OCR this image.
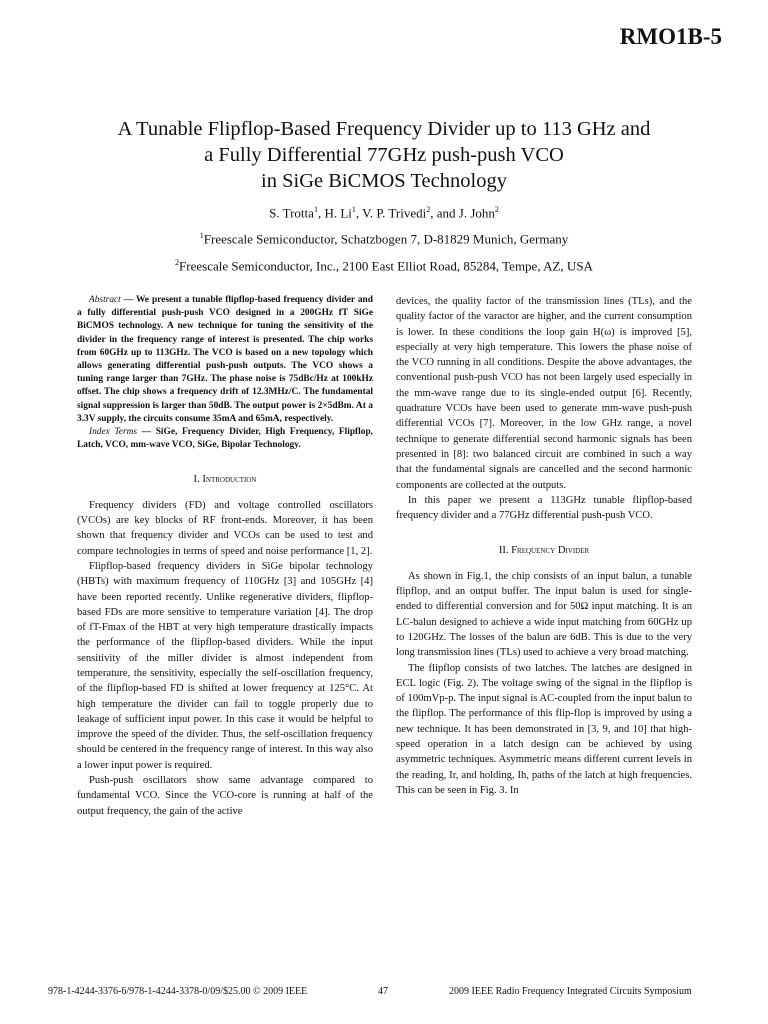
RMO1B-5
A Tunable Flipflop-Based Frequency Divider up to 113 GHz and
a Fully Differential 77GHz push-push VCO
in SiGe BiCMOS Technology
S. Trotta$^1$, H. Li$^1$, V. P. Trivedi$^2$, and J. John$^2$
$^1$Freescale Semiconductor, Schatzbogen 7, D-81829 Munich, Germany
$^2$Freescale Semiconductor, Inc., 2100 East Elliot Road, 85284, Tempe, AZ, USA

Abstract — We present a tunable flipflop-based frequency divider and a fully differential push-push VCO designed in a 200GHz fT SiGe BiCMOS technology. A new technique for tuning the sensitivity of the divider in the frequency range of interest is presented. The chip works from 60GHz up to 113GHz. The VCO is based on a new topology which allows generating differential push-push outputs. The VCO shows a tuning range larger than 7GHz. The phase noise is 75dBc/Hz at 100kHz offset. The chip shows a frequency drift of 12.3MHz/C. The fundamental signal suppression is larger than 50dB. The output power is 2×5dBm. At a 3.3V supply, the circuits consume 35mA and 65mA, respectively.

Index Terms — SiGe, Frequency Divider, High Frequency, Flipflop, Latch, VCO, mm-wave VCO, SiGe, Bipolar Technology.

I. Introduction

Frequency dividers (FD) and voltage controlled oscillators (VCOs) are key blocks of RF front-ends. Moreover, it has been shown that frequency divider and VCOs can be used to test and compare technologies in terms of speed and noise performance [1, 2].

Flipflop-based frequency dividers in SiGe bipolar technology (HBTs) with maximum frequency of 110GHz [3] and 105GHz [4] have been reported recently. Unlike regenerative dividers, flipflop-based FDs are more sensitive to temperature variation [4]. The drop of fT-Fmax of the HBT at very high temperature drastically impacts the performance of the flipflop-based dividers. While the input sensitivity of the miller divider is almost independent from temperature, the sensitivity, especially the self-oscillation frequency, of the flipflop-based FD is shifted at lower frequency at 125°C. At high temperature the divider can fail to toggle properly due to leakage of sufficient input power. In this case it would be helpful to improve the speed of the divider. Thus, the self-oscillation frequency should be centered in the frequency range of interest. In this way also a lower input power is required.

Push-push oscillators show same advantage compared to fundamental VCO. Since the VCO-core is running at half of the output frequency, the gain of the active

devices, the quality factor of the transmission lines (TLs), and the quality factor of the varactor are higher, and the current consumption is lower. In these conditions the loop gain H(ω) is improved [5], especially at very high temperature. This lowers the phase noise of the VCO running in all conditions. Despite the above advantages, the conventional push-push VCO has not been largely used especially in the mm-wave range due to its single-ended output [6]. Recently, quadrature VCOs have been used to generate mm-wave push-push differential VCOs [7]. Moreover, in the low GHz range, a novel technique to generate differential second harmonic signals has been presented in [8]: two balanced circuit are combined in such a way that the fundamental signals are cancelled and the second harmonic components are collected at the outputs.

In this paper we present a 113GHz tunable flipflop-based frequency divider and a 77GHz differential push-push VCO.

II. Frequency Divider

As shown in Fig.1, the chip consists of an input balun, a tunable flipflop, and an output buffer. The input balun is used for single-ended to differential conversion and for 50Ω input matching. It is an LC-balun designed to achieve a wide input matching from 60GHz up to 120GHz. The losses of the balun are 6dB. This is due to the very long transmission lines (TLs) used to achieve a very broad matching.

The flipflop consists of two latches. The latches are designed in ECL logic (Fig. 2). The voltage swing of the signal in the flipflop is of 100mVp-p. The input signal is AC-coupled from the input balun to the flipflop. The performance of this flip-flop is improved by using a new technique. It has been demonstrated in [3, 9, and 10] that high-speed operation in a latch design can be achieved by using asymmetric techniques. Asymmetric means different current levels in the reading, Ir, and holding, Ih, paths of the latch at high frequencies. This can be seen in Fig. 3. In

978-1-4244-3376-6/978-1-4244-3378-0/09/$25.00 © 2009 IEEE	47	2009 IEEE Radio Frequency Integrated Circuits Symposium
